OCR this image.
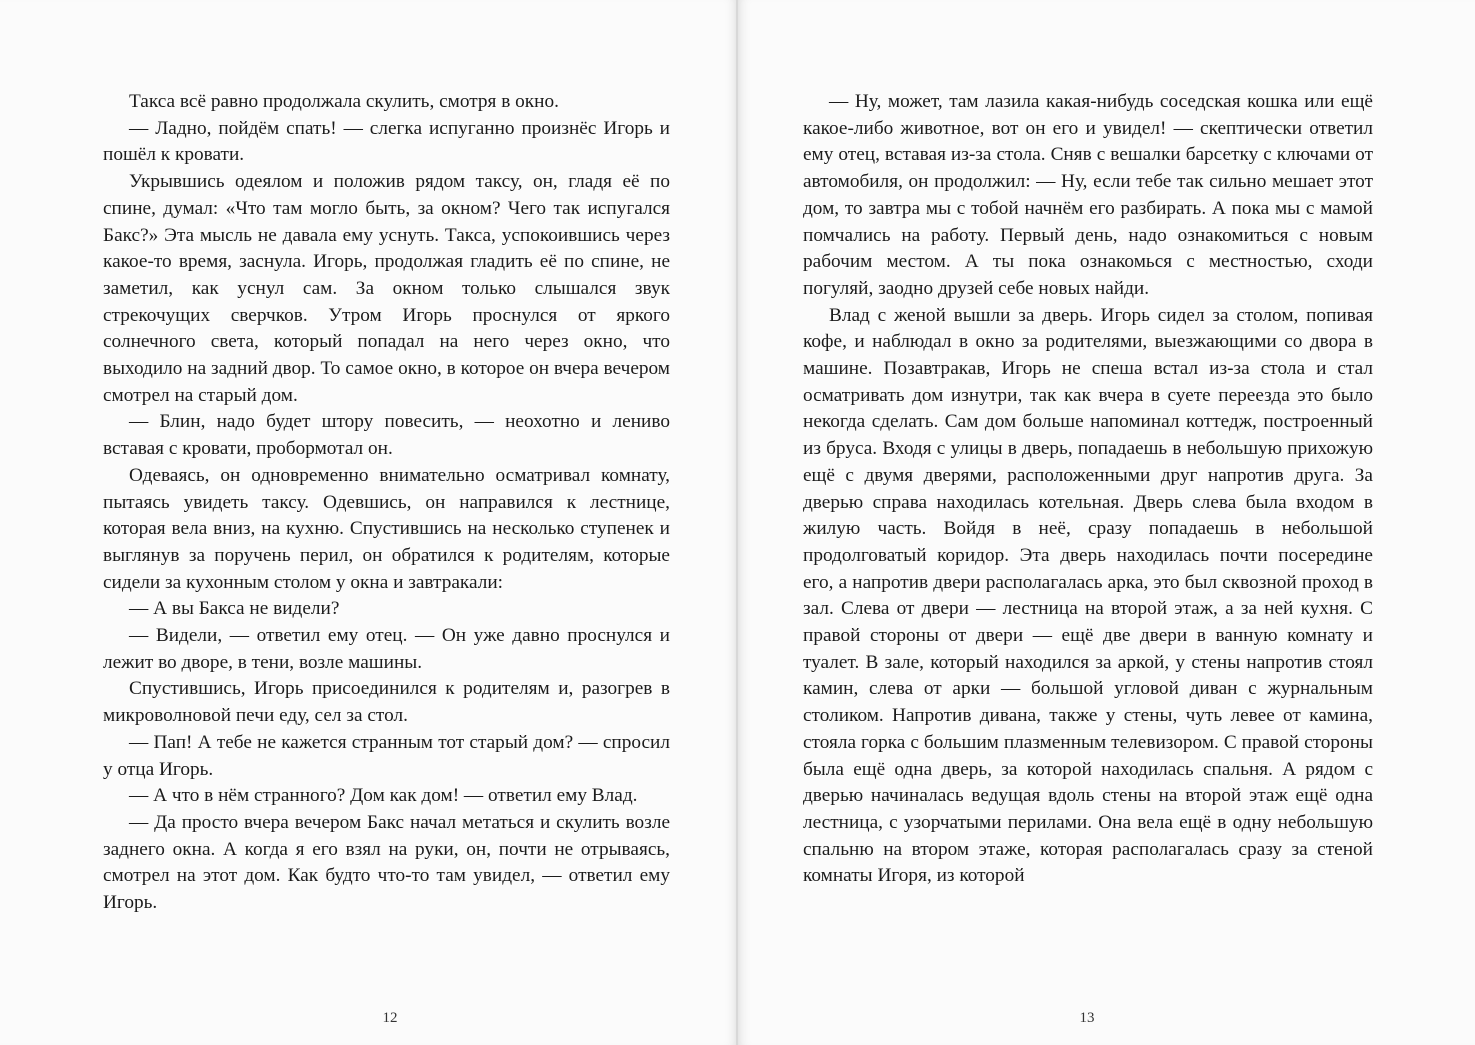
Такса всё равно продолжала скулить, смотря в окно.

— Ладно, пойдём спать! — слегка испуганно произнёс Игорь и пошёл к кровати.

Укрывшись одеялом и положив рядом таксу, он, гладя её по спине, думал: «Что там могло быть, за окном? Чего так испугался Бакс?» Эта мысль не давала ему уснуть. Такса, успокоившись через какое-то время, заснула. Игорь, продолжая гладить её по спине, не заметил, как уснул сам. За окном только слышался звук стрекочущих сверчков. Утром Игорь проснулся от яркого солнечного света, который попадал на него через окно, что выходило на задний двор. То самое окно, в которое он вчера вечером смотрел на старый дом.

— Блин, надо будет штору повесить, — неохотно и лениво вставая с кровати, пробормотал он.

Одеваясь, он одновременно внимательно осматривал комнату, пытаясь увидеть таксу. Одевшись, он направился к лестнице, которая вела вниз, на кухню. Спустившись на несколько ступенек и выглянув за поручень перил, он обратился к родителям, которые сидели за кухонным столом у окна и завтракали:

— А вы Бакса не видели?

— Видели, — ответил ему отец. — Он уже давно проснулся и лежит во дворе, в тени, возле машины.

Спустившись, Игорь присоединился к родителям и, разогрев в микроволновой печи еду, сел за стол.

— Пап! А тебе не кажется странным тот старый дом? — спросил у отца Игорь.

— А что в нём странного? Дом как дом! — ответил ему Влад.

— Да просто вчера вечером Бакс начал метаться и скулить возле заднего окна. А когда я его взял на руки, он, почти не отрываясь, смотрел на этот дом. Как будто что-то там увидел, — ответил ему Игорь.

12

— Ну, может, там лазила какая-нибудь соседская кошка или ещё какое-либо животное, вот он его и увидел! — скептически ответил ему отец, вставая из-за стола. Сняв с вешалки барсетку с ключами от автомобиля, он продолжил: — Ну, если тебе так сильно мешает этот дом, то завтра мы с тобой начнём его разбирать. А пока мы с мамой помчались на работу. Первый день, надо ознакомиться с новым рабочим местом. А ты пока ознакомься с местностью, сходи погуляй, заодно друзей себе новых найди.

Влад с женой вышли за дверь. Игорь сидел за столом, попивая кофе, и наблюдал в окно за родителями, выезжающими со двора в машине. Позавтракав, Игорь не спеша встал из-за стола и стал осматривать дом изнутри, так как вчера в суете переезда это было некогда сделать. Сам дом больше напоминал коттедж, построенный из бруса. Входя с улицы в дверь, попадаешь в небольшую прихожую ещё с двумя дверями, расположенными друг напротив друга. За дверью справа находилась котельная. Дверь слева была входом в жилую часть. Войдя в неё, сразу попадаешь в небольшой продолговатый коридор. Эта дверь находилась почти посередине его, а напротив двери располагалась арка, это был сквозной проход в зал. Слева от двери — лестница на второй этаж, а за ней кухня. С правой стороны от двери — ещё две двери в ванную комнату и туалет. В зале, который находился за аркой, у стены напротив стоял камин, слева от арки — большой угловой диван с журнальным столиком. Напротив дивана, также у стены, чуть левее от камина, стояла горка с большим плазменным телевизором. С правой стороны была ещё одна дверь, за которой находилась спальня. А рядом с дверью начиналась ведущая вдоль стены на второй этаж ещё одна лестница, с узорчатыми перилами. Она вела ещё в одну небольшую спальню на втором этаже, которая располагалась сразу за стеной комнаты Игоря, из которой

13
